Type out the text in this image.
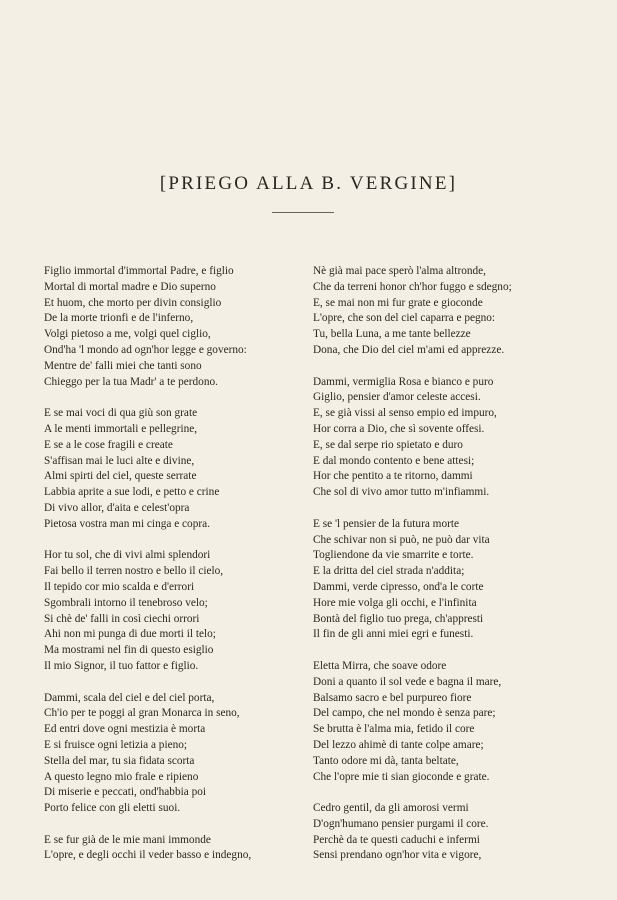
[PRIEGO ALLA B. VERGINE]
Figlio immortal d'immortal Padre, e figlio
Mortal di mortal madre e Dio superno
Et huom, che morto per divin consiglio
De la morte trionfi e de l'inferno,
Volgi pietoso a me, volgi quel ciglio,
Ond'ha 'l mondo ad ogn'hor legge e governo:
Mentre de' falli miei che tanti sono
Chieggo per la tua Madr' a te perdono.
E se mai voci di qua giù son grate
A le menti immortali e pellegrine,
E se a le cose fragili e create
S'affisan mai le luci alte e divine,
Almi spirti del ciel, queste serrate
Labbia aprite a sue lodi, e petto e crine
Di vivo allor, d'aita e celest'opra
Pietosa vostra man mi cinga e copra.
Hor tu sol, che di vivi almi splendori
Fai bello il terren nostro e bello il cielo,
Il tepido cor mio scalda e d'errori
Sgombrali intorno il tenebroso velo;
Si chè de' falli in così ciechi orrori
Ahi non mi punga di due morti il telo;
Ma mostrami nel fin di questo esiglio
Il mio Signor, il tuo fattor e figlio.
Dammi, scala del ciel e del ciel porta,
Ch'io per te poggi al gran Monarca in seno,
Ed entri dove ogni mestizia è morta
E si fruisce ogni letizia a pieno;
Stella del mar, tu sia fidata scorta
A questo legno mio frale e ripieno
Di miserie e peccati, ond'habbia poi
Porto felice con gli eletti suoi.
E se fur già de le mie mani immonde
L'opre, e degli occhi il veder basso e indegno,
Nè già mai pace sperò l'alma altronde,
Che da terreni honor ch'hor fuggo e sdegno;
E, se mai non mi fur grate e gioconde
L'opre, che son del ciel caparra e pegno:
Tu, bella Luna, a me tante bellezze
Dona, che Dio del ciel m'ami ed apprezze.
Dammi, vermiglia Rosa e bianco e puro
Giglio, pensier d'amor celeste accesi.
E, se già vissi al senso empio ed impuro,
Hor corra a Dio, che sì sovente offesi.
E, se dal serpe rio spietato e duro
E dal mondo contento e bene attesi;
Hor che pentito a te ritorno, dammi
Che sol di vivo amor tutto m'infiammi.
E se 'l pensier de la futura morte
Che schivar non si può, ne può dar vita
Togliendone da vie smarrite e torte.
E la dritta del ciel strada n'addita;
Dammi, verde cipresso, ond'a le corte
Hore mie volga gli occhi, e l'infinita
Bontà del figlio tuo prega, ch'appresti
Il fin de gli anni miei egri e funesti.
Eletta Mirra, che soave odore
Doni a quanto il sol vede e bagna il mare,
Balsamo sacro e bel purpureo fiore
Del campo, che nel mondo è senza pare;
Se brutta è l'alma mia, fetido il core
Del lezzo ahimè di tante colpe amare;
Tanto odore mi dà, tanta beltate,
Che l'opre mie ti sian gioconde e grate.
Cedro gentil, da gli amorosi vermi
D'ogn'humano pensier purgami il core.
Perchè da te questi caduchi e infermi
Sensi prendano ogn'hor vita e vigore,
